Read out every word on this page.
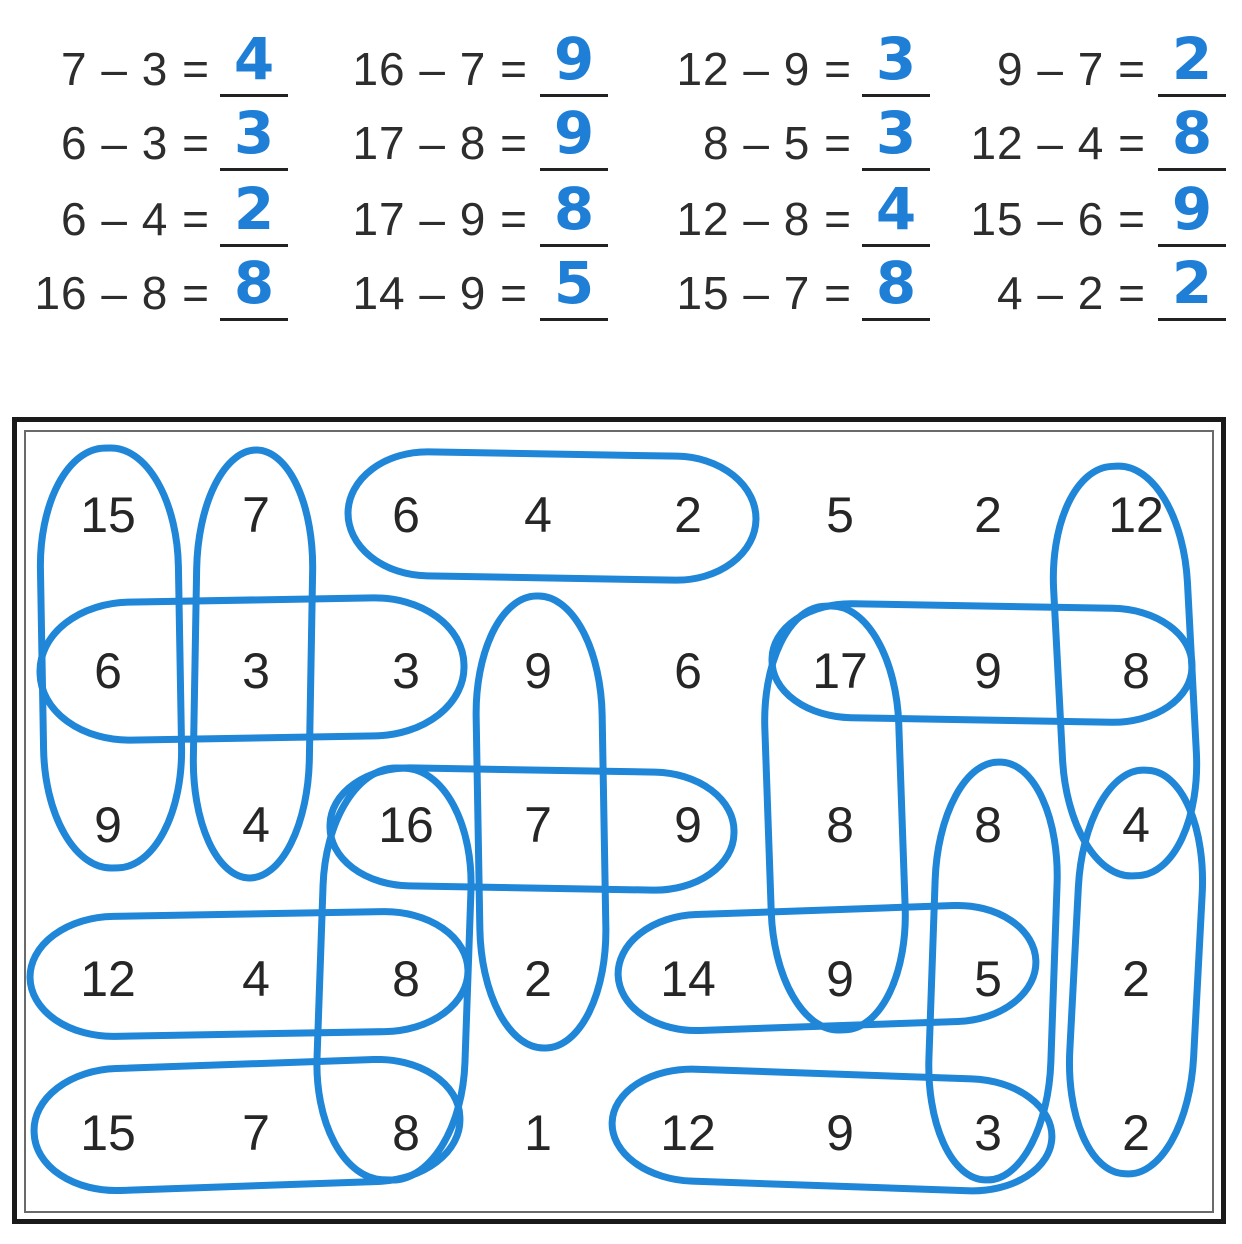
7 – 3 = 4
6 – 3 = 3
6 – 4 = 2
16 – 8 = 8
16 – 7 = 9
17 – 8 = 9
17 – 9 = 8
14 – 9 = 5
12 – 9 = 3
8 – 5 = 3
12 – 8 = 4
15 – 7 = 8
9 – 7 = 2
12 – 4 = 8
15 – 6 = 9
4 – 2 = 2
15 7 6 4 2 5 2 12
6 3 3 9 6 17 9 8
9 4 16 7 9 8 8 4
12 4 8 2 14 9 5 2
15 7 8 1 12 9 3 2
